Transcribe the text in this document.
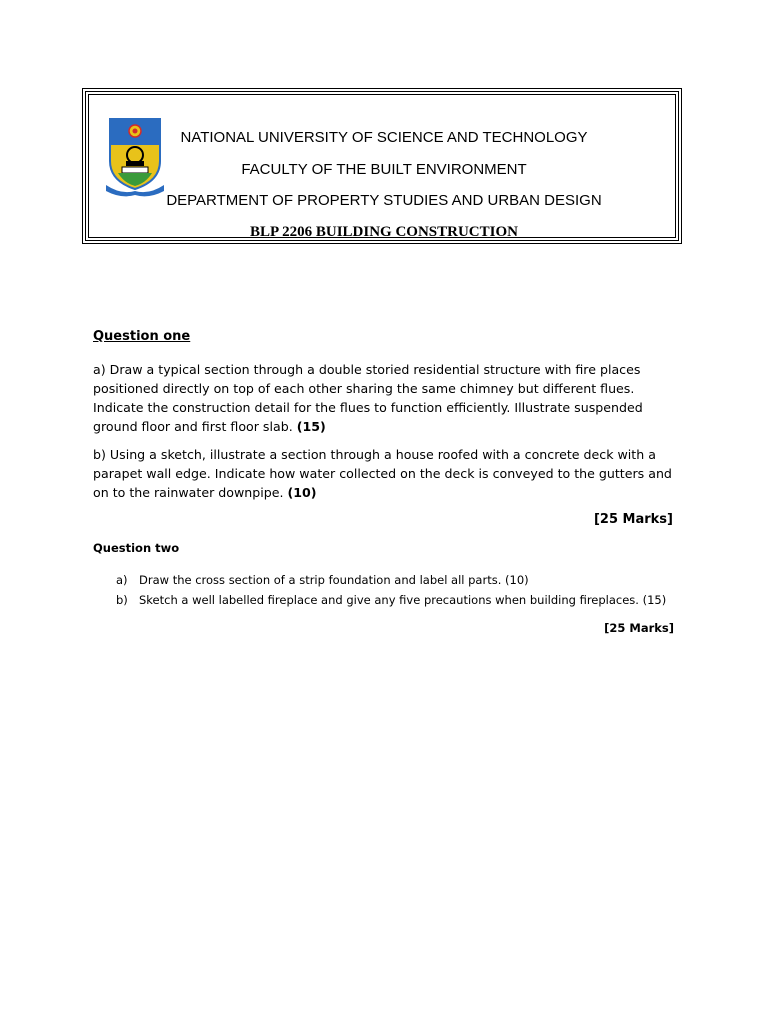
NATIONAL UNIVERSITY OF SCIENCE AND TECHNOLOGY
FACULTY OF THE BUILT ENVIRONMENT
DEPARTMENT OF PROPERTY STUDIES AND URBAN DESIGN
BLP 2206 BUILDING CONSTRUCTION
Question one
a) Draw a typical section through a double storied residential structure with fire places positioned directly on top of each other sharing the same chimney but different flues. Indicate the construction detail for the flues to function efficiently. Illustrate suspended ground floor and first floor slab. (15)
b) Using a sketch, illustrate a section through a house roofed with a concrete deck with a parapet wall edge. Indicate how water collected on the deck is conveyed to the gutters and on to the rainwater downpipe. (10)
[25 Marks]
Question two
a) Draw the cross section of a strip foundation and label all parts. (10)
b) Sketch a well labelled fireplace and give any five precautions when building fireplaces. (15)
[25 Marks]
